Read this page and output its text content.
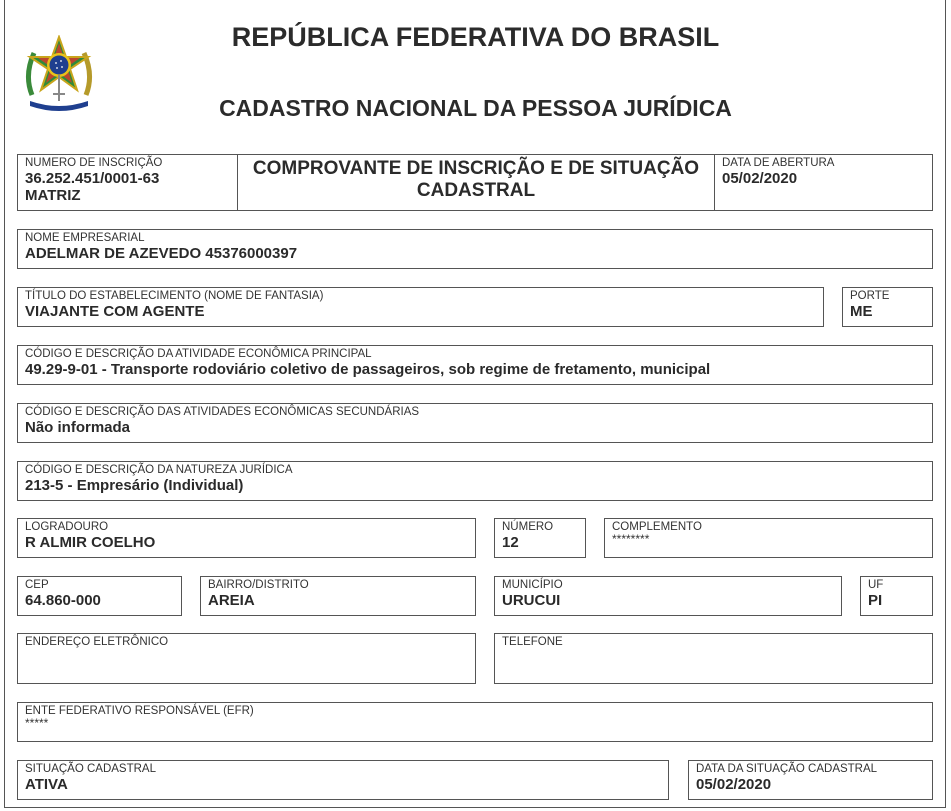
REPÚBLICA FEDERATIVA DO BRASIL
CADASTRO NACIONAL DA PESSOA JURÍDICA
NUMERO DE INSCRIÇÃO
36.252.451/0001-63
MATRIZ
COMPROVANTE DE INSCRIÇÃO E DE SITUAÇÃO
CADASTRAL
DATA DE ABERTURA
05/02/2020
NOME EMPRESARIAL
ADELMAR DE AZEVEDO 45376000397
TÍTULO DO ESTABELECIMENTO (NOME DE FANTASIA)
VIAJANTE COM AGENTE
PORTE
ME
CÓDIGO E DESCRIÇÃO DA ATIVIDADE ECONÔMICA PRINCIPAL
49.29-9-01 - Transporte rodoviário coletivo de passageiros, sob regime de fretamento, municipal
CÓDIGO E DESCRIÇÃO DAS ATIVIDADES ECONÔMICAS SECUNDÁRIAS
Não informada
CÓDIGO E DESCRIÇÃO DA NATUREZA JURÍDICA
213-5 - Empresário (Individual)
LOGRADOURO
R ALMIR COELHO
NÚMERO
12
COMPLEMENTO
********
CEP
64.860-000
BAIRRO/DISTRITO
AREIA
MUNICÍPIO
URUCUI
UF
PI
ENDEREÇO ELETRÔNICO	TELEFONE
ENTE FEDERATIVO RESPONSÁVEL (EFR)
*****
SITUAÇÃO CADASTRAL
ATIVA
DATA DA SITUAÇÃO CADASTRAL
05/02/2020
